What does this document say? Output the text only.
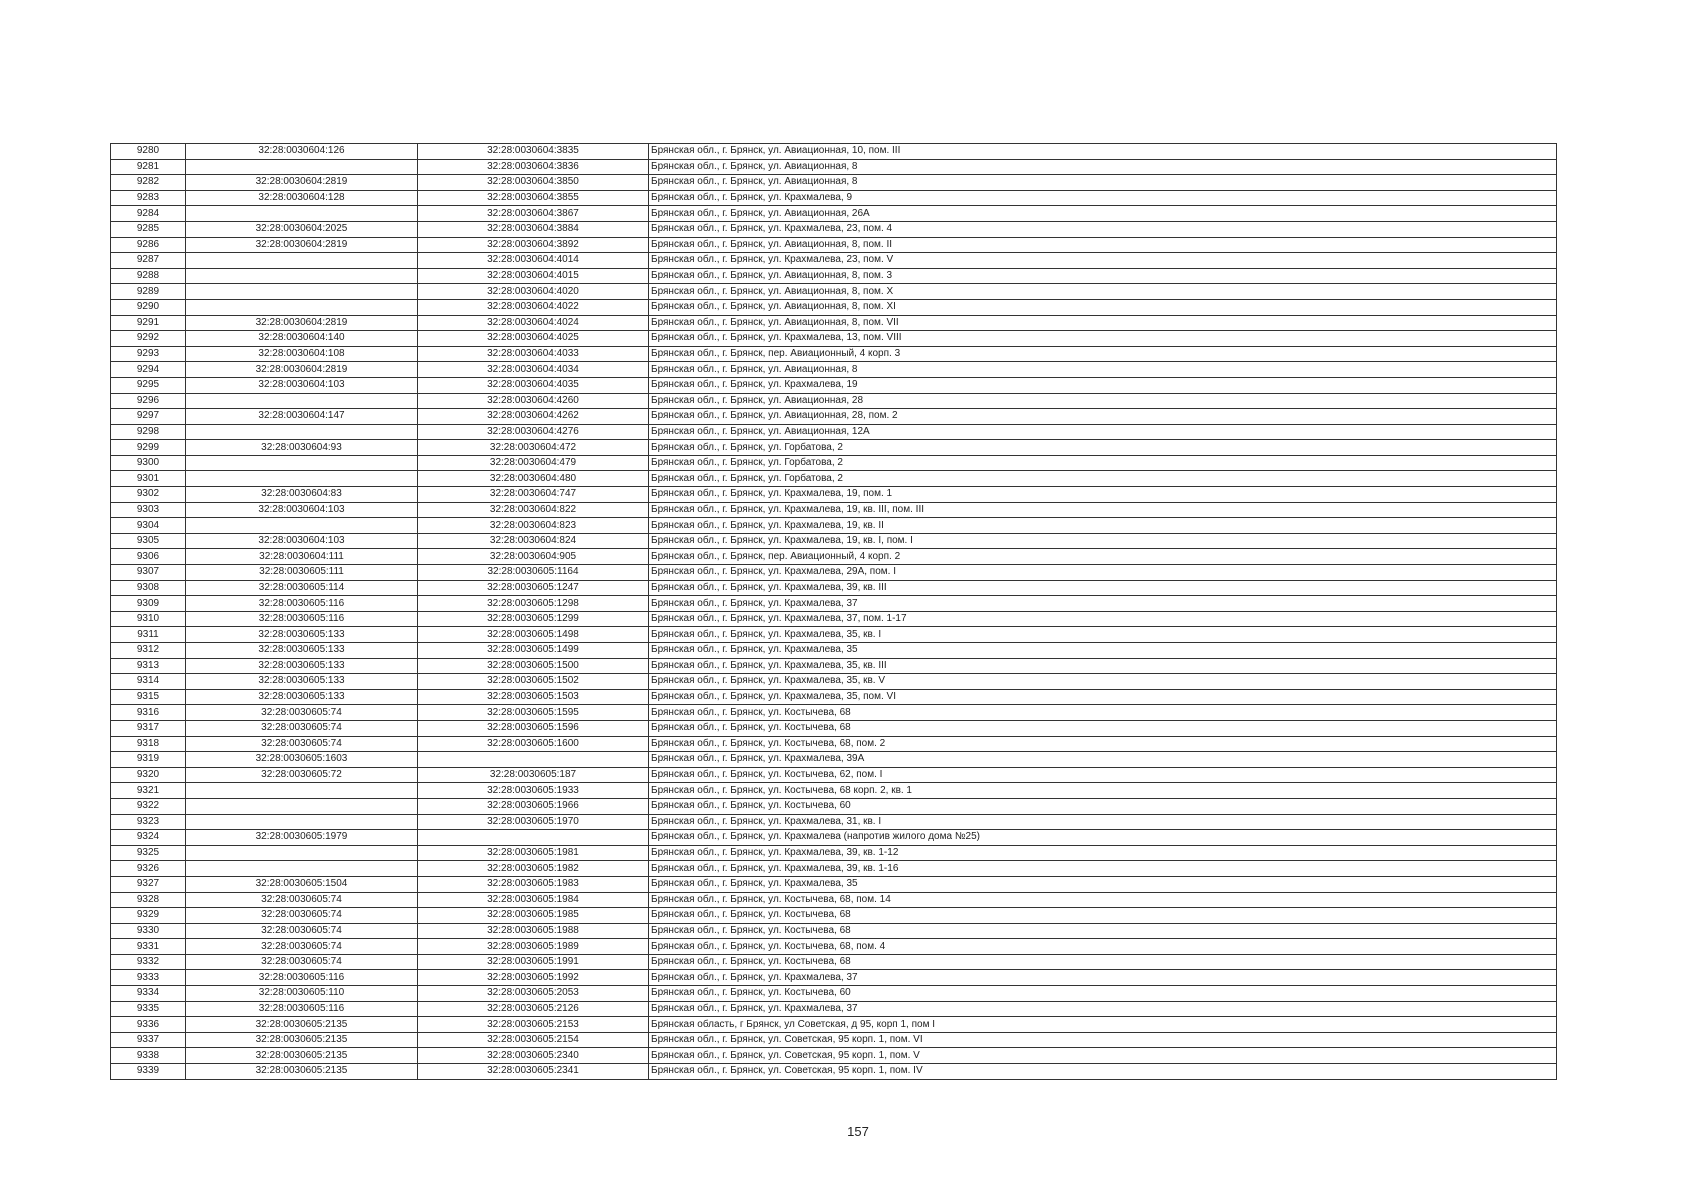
9280	32:28:0030604:126	32:28:0030604:3835	Брянская обл., г. Брянск, ул. Авиационная, 10, пом. III
9281		32:28:0030604:3836	Брянская обл., г. Брянск, ул. Авиационная, 8
9282	32:28:0030604:2819	32:28:0030604:3850	Брянская обл., г. Брянск, ул. Авиационная, 8
9283	32:28:0030604:128	32:28:0030604:3855	Брянская обл., г. Брянск, ул. Крахмалева, 9
9284		32:28:0030604:3867	Брянская обл., г. Брянск, ул. Авиационная, 26А
9285	32:28:0030604:2025	32:28:0030604:3884	Брянская обл., г. Брянск, ул. Крахмалева, 23, пом. 4
9286	32:28:0030604:2819	32:28:0030604:3892	Брянская обл., г. Брянск, ул. Авиационная, 8, пом. II
9287		32:28:0030604:4014	Брянская обл., г. Брянск, ул. Крахмалева, 23, пом. V
9288		32:28:0030604:4015	Брянская обл., г. Брянск, ул. Авиационная, 8, пом. 3
9289		32:28:0030604:4020	Брянская обл., г. Брянск, ул. Авиационная, 8, пом. X
9290		32:28:0030604:4022	Брянская обл., г. Брянск, ул. Авиационная, 8, пом. XI
9291	32:28:0030604:2819	32:28:0030604:4024	Брянская обл., г. Брянск, ул. Авиационная, 8, пом. VII
9292	32:28:0030604:140	32:28:0030604:4025	Брянская обл., г. Брянск, ул. Крахмалева, 13, пом. VIII
9293	32:28:0030604:108	32:28:0030604:4033	Брянская обл., г. Брянск, пер. Авиационный, 4 корп. 3
9294	32:28:0030604:2819	32:28:0030604:4034	Брянская обл., г. Брянск, ул. Авиационная, 8
9295	32:28:0030604:103	32:28:0030604:4035	Брянская обл., г. Брянск, ул. Крахмалева, 19
9296		32:28:0030604:4260	Брянская обл., г. Брянск, ул. Авиационная, 28
9297	32:28:0030604:147	32:28:0030604:4262	Брянская обл., г. Брянск, ул. Авиационная, 28, пом. 2
9298		32:28:0030604:4276	Брянская обл., г. Брянск, ул. Авиационная, 12А
9299	32:28:0030604:93	32:28:0030604:472	Брянская обл., г. Брянск, ул. Горбатова, 2
9300		32:28:0030604:479	Брянская обл., г. Брянск, ул. Горбатова, 2
9301		32:28:0030604:480	Брянская обл., г. Брянск, ул. Горбатова, 2
9302	32:28:0030604:83	32:28:0030604:747	Брянская обл., г. Брянск, ул. Крахмалева, 19, пом. 1
9303	32:28:0030604:103	32:28:0030604:822	Брянская обл., г. Брянск, ул. Крахмалева, 19, кв. III, пом. III
9304		32:28:0030604:823	Брянская обл., г. Брянск, ул. Крахмалева, 19, кв. II
9305	32:28:0030604:103	32:28:0030604:824	Брянская обл., г. Брянск, ул. Крахмалева, 19, кв. I, пом. I
9306	32:28:0030604:111	32:28:0030604:905	Брянская обл., г. Брянск, пер. Авиационный, 4 корп. 2
9307	32:28:0030605:111	32:28:0030605:1164	Брянская обл., г. Брянск, ул. Крахмалева, 29А, пом. I
9308	32:28:0030605:114	32:28:0030605:1247	Брянская обл., г. Брянск, ул. Крахмалева, 39, кв. III
9309	32:28:0030605:116	32:28:0030605:1298	Брянская обл., г. Брянск, ул. Крахмалева, 37
9310	32:28:0030605:116	32:28:0030605:1299	Брянская обл., г. Брянск, ул. Крахмалева, 37, пом. 1-17
9311	32:28:0030605:133	32:28:0030605:1498	Брянская обл., г. Брянск, ул. Крахмалева, 35, кв. I
9312	32:28:0030605:133	32:28:0030605:1499	Брянская обл., г. Брянск, ул. Крахмалева, 35
9313	32:28:0030605:133	32:28:0030605:1500	Брянская обл., г. Брянск, ул. Крахмалева, 35, кв. III
9314	32:28:0030605:133	32:28:0030605:1502	Брянская обл., г. Брянск, ул. Крахмалева, 35, кв. V
9315	32:28:0030605:133	32:28:0030605:1503	Брянская обл., г. Брянск, ул. Крахмалева, 35, пом. VI
9316	32:28:0030605:74	32:28:0030605:1595	Брянская обл., г. Брянск, ул. Костычева, 68
9317	32:28:0030605:74	32:28:0030605:1596	Брянская обл., г. Брянск, ул. Костычева, 68
9318	32:28:0030605:74	32:28:0030605:1600	Брянская обл., г. Брянск, ул. Костычева, 68, пом. 2
9319	32:28:0030605:1603		Брянская обл., г. Брянск, ул. Крахмалева, 39А
9320	32:28:0030605:72	32:28:0030605:187	Брянская обл., г. Брянск, ул. Костычева, 62, пом. I
9321		32:28:0030605:1933	Брянская обл., г. Брянск, ул. Костычева, 68 корп. 2, кв. 1
9322		32:28:0030605:1966	Брянская обл., г. Брянск, ул. Костычева, 60
9323		32:28:0030605:1970	Брянская обл., г. Брянск, ул. Крахмалева, 31, кв. I
9324	32:28:0030605:1979		Брянская обл., г. Брянск, ул. Крахмалева (напротив жилого дома №25)
9325		32:28:0030605:1981	Брянская обл., г. Брянск, ул. Крахмалева, 39, кв. 1-12
9326		32:28:0030605:1982	Брянская обл., г. Брянск, ул. Крахмалева, 39, кв. 1-16
9327	32:28:0030605:1504	32:28:0030605:1983	Брянская обл., г. Брянск, ул. Крахмалева, 35
9328	32:28:0030605:74	32:28:0030605:1984	Брянская обл., г. Брянск, ул. Костычева, 68, пом. 14
9329	32:28:0030605:74	32:28:0030605:1985	Брянская обл., г. Брянск, ул. Костычева, 68
9330	32:28:0030605:74	32:28:0030605:1988	Брянская обл., г. Брянск, ул. Костычева, 68
9331	32:28:0030605:74	32:28:0030605:1989	Брянская обл., г. Брянск, ул. Костычева, 68, пом. 4
9332	32:28:0030605:74	32:28:0030605:1991	Брянская обл., г. Брянск, ул. Костычева, 68
9333	32:28:0030605:116	32:28:0030605:1992	Брянская обл., г. Брянск, ул. Крахмалева, 37
9334	32:28:0030605:110	32:28:0030605:2053	Брянская обл., г. Брянск, ул. Костычева, 60
9335	32:28:0030605:116	32:28:0030605:2126	Брянская обл., г. Брянск, ул. Крахмалева, 37
9336	32:28:0030605:2135	32:28:0030605:2153	Брянская область, г Брянск, ул Советская, д 95, корп 1, пом I
9337	32:28:0030605:2135	32:28:0030605:2154	Брянская обл., г. Брянск, ул. Советская, 95 корп. 1, пом. VI
9338	32:28:0030605:2135	32:28:0030605:2340	Брянская обл., г. Брянск, ул. Советская, 95 корп. 1, пом. V
9339	32:28:0030605:2135	32:28:0030605:2341	Брянская обл., г. Брянск, ул. Советская, 95 корп. 1, пом. IV
157
